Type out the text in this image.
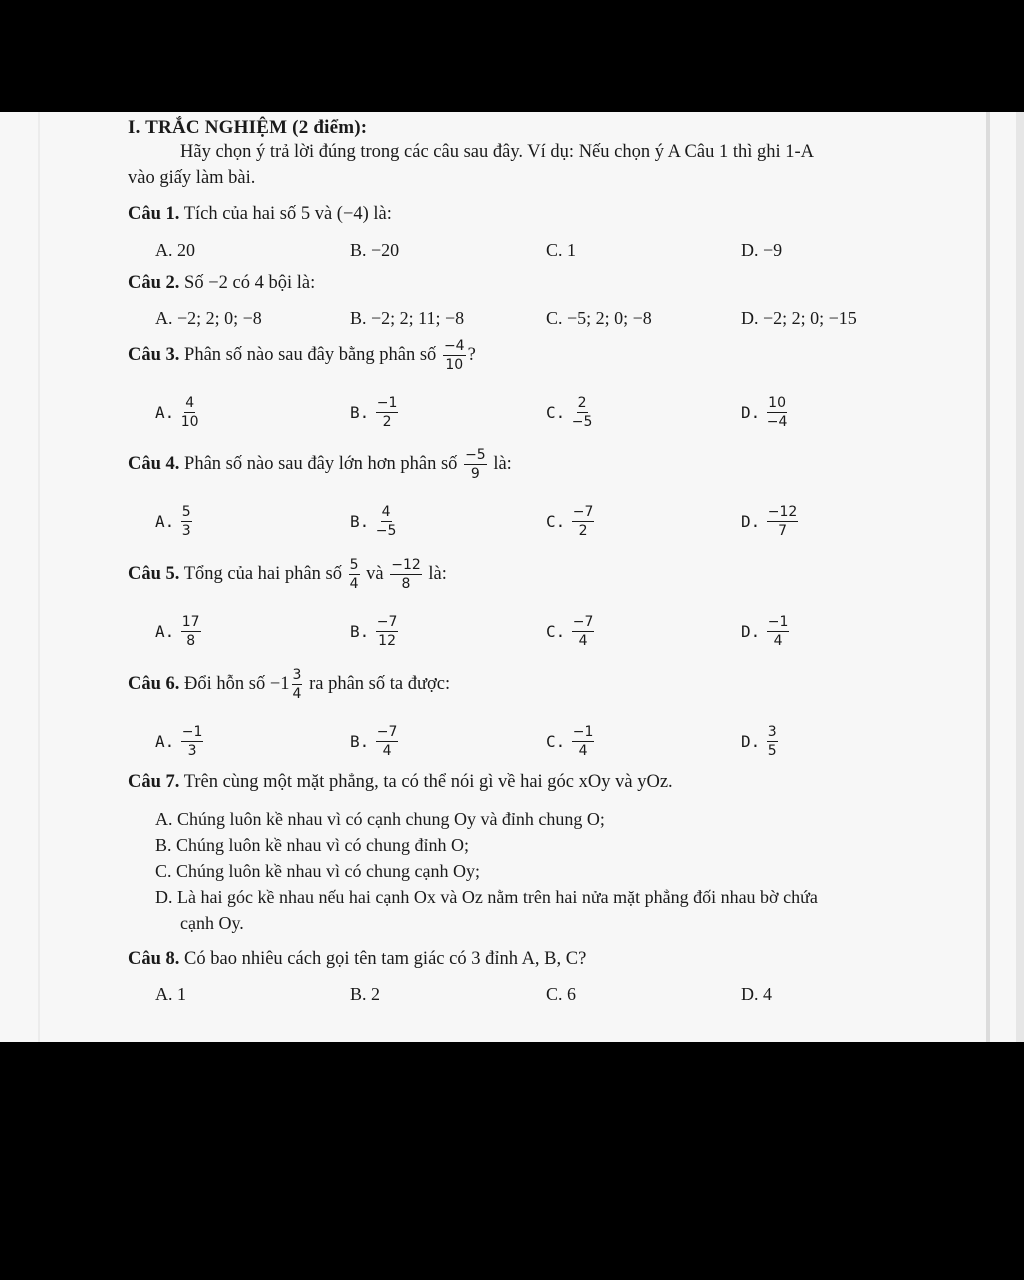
I. TRẮC NGHIỆM (2 điểm):
Hãy chọn ý trả lời đúng trong các câu sau đây. Ví dụ: Nếu chọn ý A Câu 1 thì ghi 1-A
vào giấy làm bài.
Câu 1. Tích của hai số 5 và (−4) là:
A. 20	B. −20	C. 1	D. −9
Câu 2. Số −2 có 4 bội là:
A. −2; 2; 0; −8	B. −2; 2; 11; −8	C. −5; 2; 0; −8	D. −2; 2; 0; −15
Câu 3. Phân số nào sau đây bằng phân số $\frac{-4}{10}$ ?
A. $\frac{4}{10}$	B. $\frac{-1}{2}$	C. $\frac{2}{-5}$	D. $\frac{10}{-4}$
Câu 4. Phân số nào sau đây lớn hơn phân số $\frac{-5}{9}$ là:
A. $\frac{5}{3}$	B. $\frac{4}{-5}$	C. $\frac{-7}{2}$	D. $\frac{-12}{7}$
Câu 5. Tổng của hai phân số $\frac{5}{4}$ và $\frac{-12}{8}$ là:
A. $\frac{17}{8}$	B. $\frac{-7}{12}$	C. $\frac{-7}{4}$	D. $\frac{-1}{4}$
Câu 6. Đổi hỗn số $-1 \frac{3}{4}$ ra phân số ta được:
A. $\frac{-1}{3}$	B. $\frac{-7}{4}$	C. $\frac{-1}{4}$	D. $\frac{3}{5}$
Câu 7. Trên cùng một mặt phẳng, ta có thể nói gì về hai góc xOy và yOz.
A. Chúng luôn kề nhau vì có cạnh chung Oy và đỉnh chung O;
B. Chúng luôn kề nhau vì có chung đỉnh O;
C. Chúng luôn kề nhau vì có chung cạnh Oy;
D. Là hai góc kề nhau nếu hai cạnh Ox và Oz nằm trên hai nửa mặt phẳng đối nhau bờ chứa
cạnh Oy.
Câu 8. Có bao nhiêu cách gọi tên tam giác có 3 đỉnh A, B, C?
A. 1	B. 2	C. 6	D. 4
